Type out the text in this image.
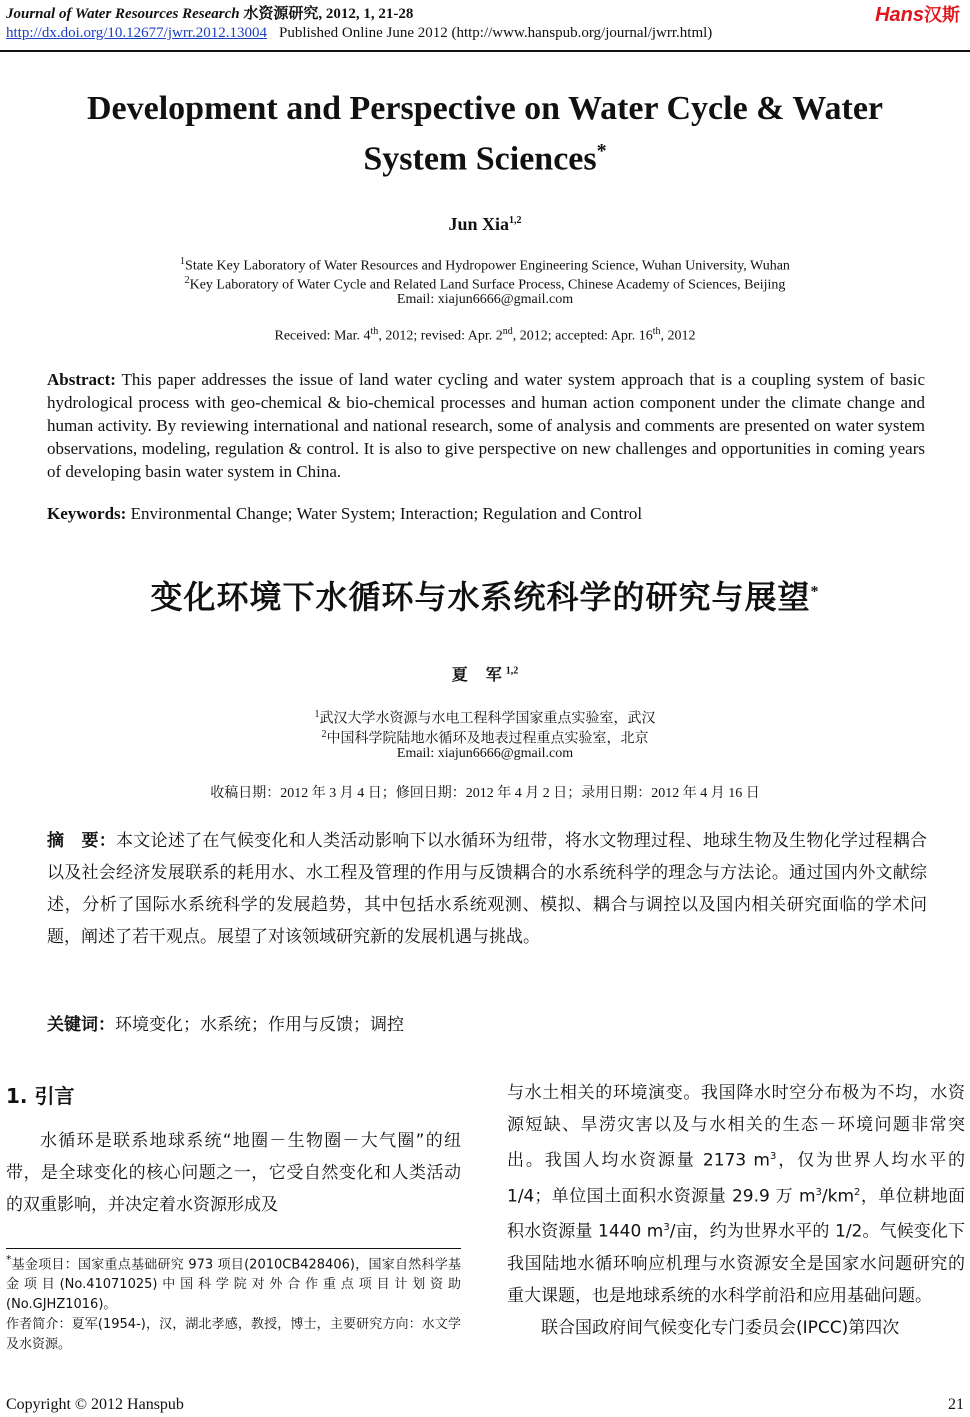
Journal of Water Resources Research 水资源研究, 2012, 1, 21-28
http://dx.doi.org/10.12677/jwrr.2012.13004 Published Online June 2012 (http://www.hanspub.org/journal/jwrr.html)
Hans汉斯
Development and Perspective on Water Cycle & Water
System Sciences*
Jun Xia$^{1,2}$
$^1$State Key Laboratory of Water Resources and Hydropower Engineering Science, Wuhan University, Wuhan
$^2$Key Laboratory of Water Cycle and Related Land Surface Process, Chinese Academy of Sciences, Beijing
Email: xiajun6666@gmail.com
Received: Mar. 4th, 2012; revised: Apr. 2nd, 2012; accepted: Apr. 16th, 2012
Abstract: This paper addresses the issue of land water cycling and water system approach that is a coupling system of basic hydrological process with geo-chemical & bio-chemical processes and human action component under the climate change and human activity. By reviewing international and national research, some of analysis and comments are presented on water system observations, modeling, regulation & control. It is also to give perspective on new challenges and opportunities in coming years of developing basin water system in China.
Keywords: Environmental Change; Water System; Interaction; Regulation and Control
变化环境下水循环与水系统科学的研究与展望*
夏 军 $^{1,2}$
$^1$武汉大学水资源与水电工程科学国家重点实验室，武汉
$^2$中国科学院陆地水循环及地表过程重点实验室，北京
Email: xiajun6666@gmail.com
收稿日期：2012 年 3 月 4 日；修回日期：2012 年 4 月 2 日；录用日期：2012 年 4 月 16 日
摘　要：本文论述了在气候变化和人类活动影响下以水循环为纽带，将水文物理过程、地球生物及生物化学过程耦合以及社会经济发展联系的耗用水、水工程及管理的作用与反馈耦合的水系统科学的理念与方法论。通过国内外文献综述，分析了国际水系统科学的发展趋势，其中包括水系统观测、模拟、耦合与调控以及国内相关研究面临的学术问题，阐述了若干观点。展望了对该领域研究新的发展机遇与挑战。
关键词：环境变化；水系统；作用与反馈；调控
1. 引言

水循环是联系地球系统“地圈－生物圈－大气圈”的纽带，是全球变化的核心问题之一，它受自然变化和人类活动的双重影响，并决定着水资源形成及

*基金项目：国家重点基础研究 973 项目(2010CB428406)，国家自然科学基金项目(No.41071025)中国科学院对外合作重点项目计划资助(No.GJHZ1016)。

作者简介：夏军(1954-)，汉，湖北孝感，教授，博士，主要研究方向：水文学及水资源。

与水土相关的环境演变。我国降水时空分布极为不均，水资源短缺、旱涝灾害以及与水相关的生态－环境问题非常突出。我国人均水资源量 2173 $m^3$，仅为世界人均水平的 1/4；单位国土面积水资源量 29.9 万 $m^3/km^2$，单位耕地面积水资源量 1440 $m^3/$亩，约为世界水平的 1/2。气候变化下我国陆地水循环响应机理与水资源安全是国家水问题研究的重大课题，也是地球系统的水科学前沿和应用基础问题。

联合国政府间气候变化专门委员会(IPCC)第四次

Copyright © 2012 Hanspub	21
